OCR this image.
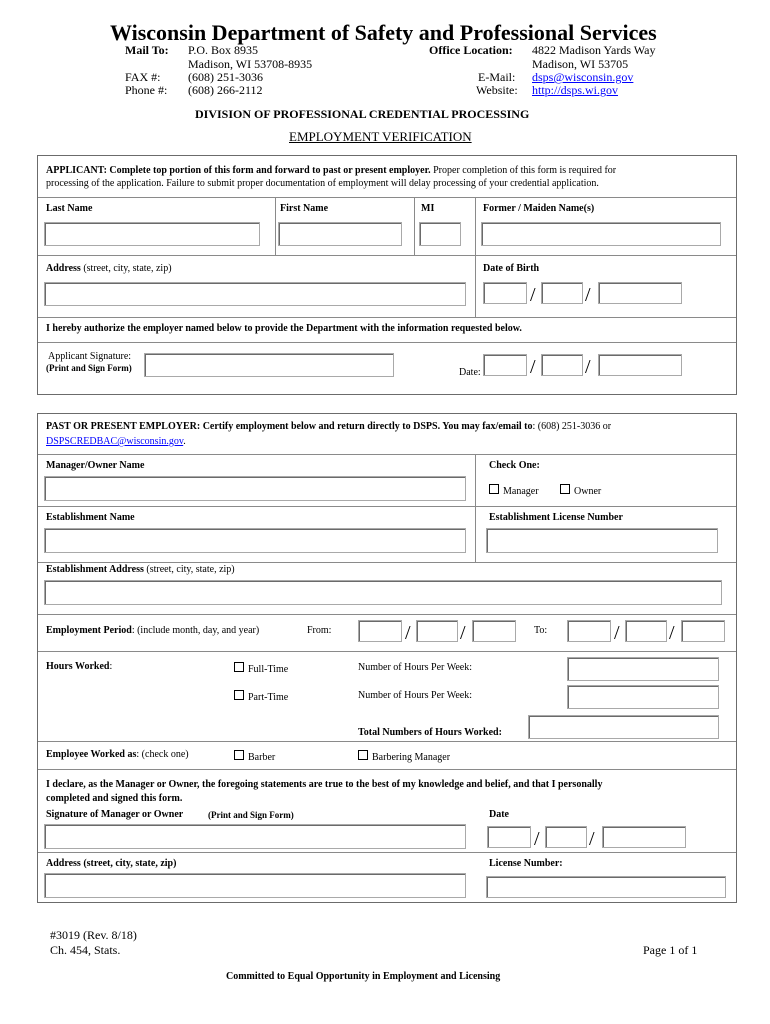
Wisconsin Department of Safety and Professional Services
Mail To: P.O. Box 8935
Madison, WI 53708-8935
FAX #: (608) 251-3036
Phone #: (608) 266-2112
Office Location: 4822 Madison Yards Way
Madison, WI 53705
E-Mail: dsps@wisconsin.gov
Website: http://dsps.wi.gov
DIVISION OF PROFESSIONAL CREDENTIAL PROCESSING
EMPLOYMENT VERIFICATION
APPLICANT: Complete top portion of this form and forward to past or present employer. Proper completion of this form is required for
processing of the application. Failure to submit proper documentation of employment will delay processing of your credential application.
Last Name	First Name	MI	Former / Maiden Name(s)
Address (street, city, state, zip)	Date of Birth
/ /
I hereby authorize the employer named below to provide the Department with the information requested below.
Applicant Signature:
(Print and Sign Form)	Date: / /
PAST OR PRESENT EMPLOYER: Certify employment below and return directly to DSPS. You may fax/email to: (608) 251-3036 or
DSPSCREDBAC@wisconsin.gov.
Manager/Owner Name	Check One:
Manager	Owner
Establishment Name	Establishment License Number
Establishment Address (street, city, state, zip)
Employment Period: (include month, day, and year)	From:	/ /	To:	/ /
Hours Worked:	Full-Time	Number of Hours Per Week:
Part-Time	Number of Hours Per Week:
Total Numbers of Hours Worked:
Employee Worked as: (check one)	Barber	Barbering Manager
I declare, as the Manager or Owner, the foregoing statements are true to the best of my knowledge and belief, and that I personally
completed and signed this form.
Signature of Manager or Owner	(Print and Sign Form)	Date
/ /
Address (street, city, state, zip)	License Number:
#3019 (Rev. 8/18)
Ch. 454, Stats.	Page 1 of 1
Committed to Equal Opportunity in Employment and Licensing
